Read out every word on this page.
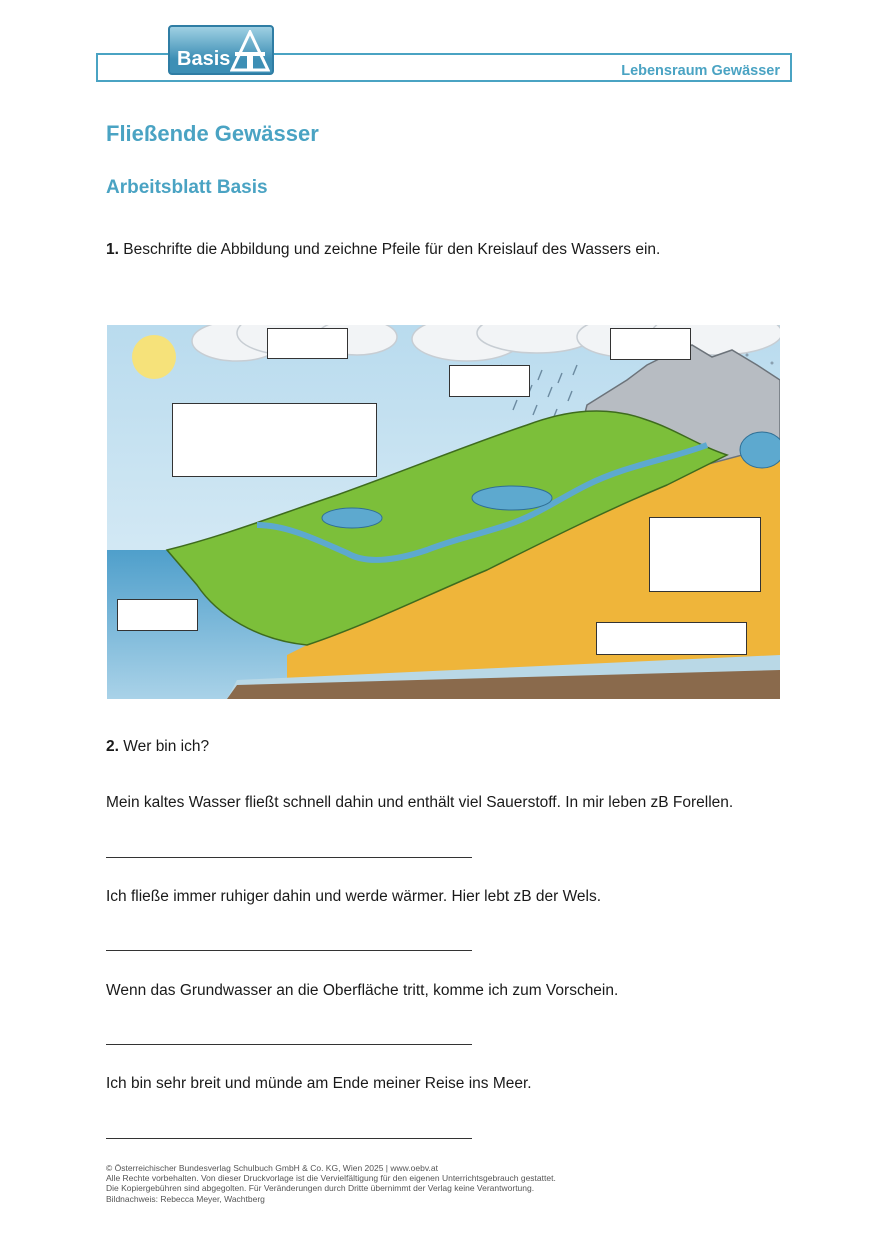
Lebensraum Gewässer
Basis
Fließende Gewässer
Arbeitsblatt Basis
1. Beschrifte die Abbildung und zeichne Pfeile für den Kreislauf des Wassers ein.
2. Wer bin ich?
Mein kaltes Wasser fließt schnell dahin und enthält viel Sauerstoff. In mir leben zB Forellen.
Ich fließe immer ruhiger dahin und werde wärmer. Hier lebt zB der Wels.
Wenn das Grundwasser an die Oberfläche tritt, komme ich zum Vorschein.
Ich bin sehr breit und münde am Ende meiner Reise ins Meer.
© Österreichischer Bundesverlag Schulbuch GmbH & Co. KG, Wien 2025 | www.oebv.at
Alle Rechte vorbehalten. Von dieser Druckvorlage ist die Vervielfältigung für den eigenen Unterrichtsgebrauch gestattet.
Die Kopiergebühren sind abgegolten. Für Veränderungen durch Dritte übernimmt der Verlag keine Verantwortung.
Bildnachweis: Rebecca Meyer, Wachtberg
